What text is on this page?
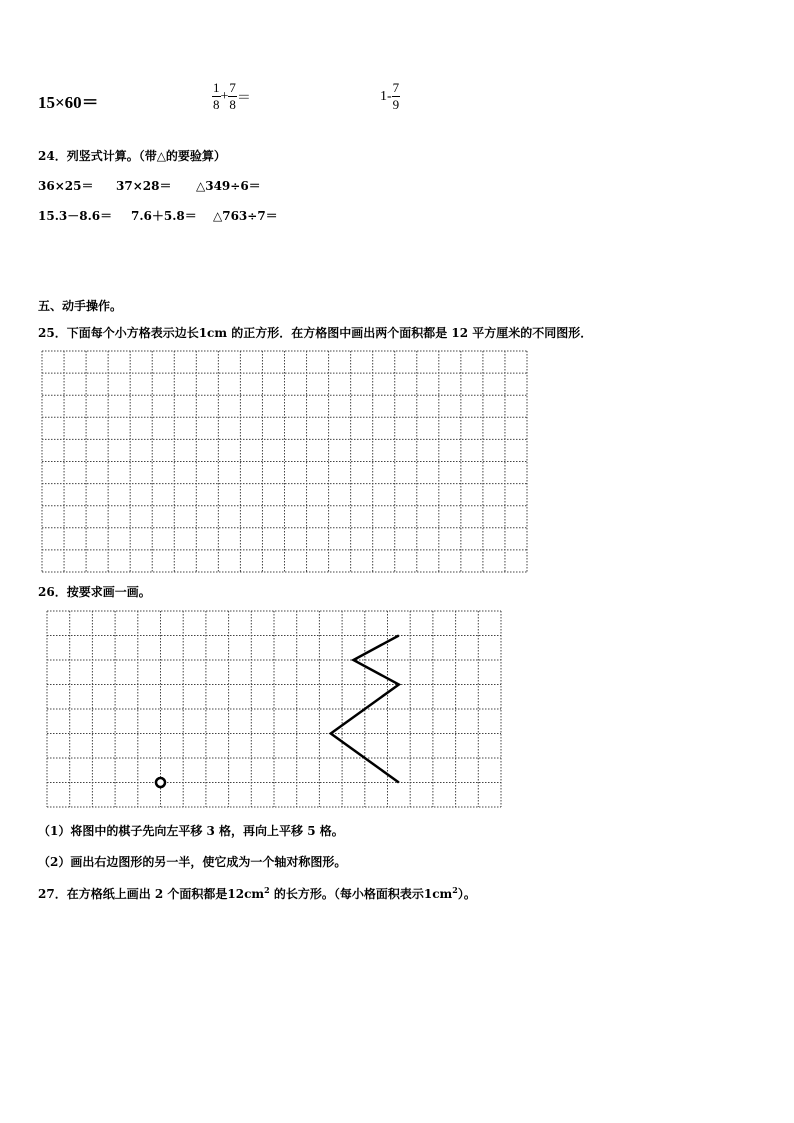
15×60＝	$\frac{1}{8} + \frac{7}{8}$ ＝	$1- \frac{7}{9}$
24．列竖式计算。（带△的要验算）
36×25＝ 37×28＝ △349÷6＝
15.3－8.6＝ 7.6＋5.8＝ △763÷7＝
五、动手操作。
25．下面每个小方格表示边长1cm 的正方形．在方格图中画出两个面积都是 12 平方厘米的不同图形．
26．按要求画一画。
（1）将图中的棋子先向左平移 3 格，再向上平移 5 格。
（2）画出右边图形的另一半，使它成为一个轴对称图形。
27．在方格纸上画出 2 个面积都是$12cm^2$ 的长方形。（每小格面积表示$1cm^2$）。
